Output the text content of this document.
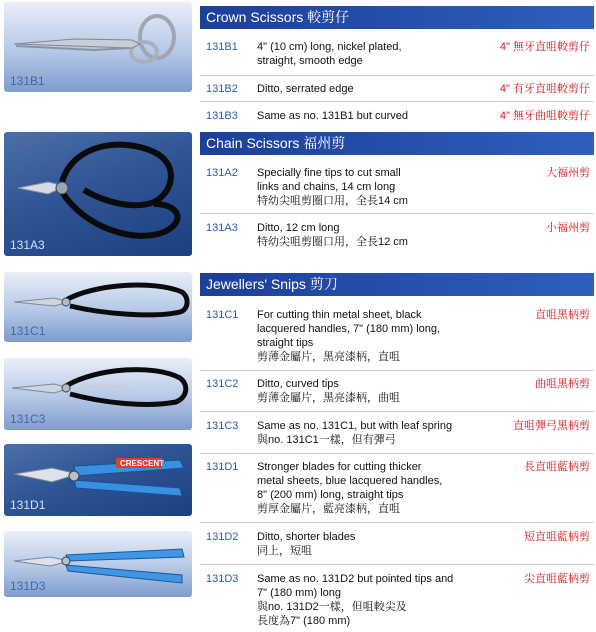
131B1
131A3
131C1
131C3
CRESCENT
131D1
131D3
Crown Scissors 較剪仔
131B1 4" (10 cm) long, nickel plated,
straight, smooth edge
4" 無牙直咀較剪仔
131B2 Ditto, serrated edge	4" 有牙直咀較剪仔
131B3 Same as no. 131B1 but curved	4" 無牙曲咀較剪仔
Chain Scissors 福州剪
131A2 Specially fine tips to cut small
links and chains, 14 cm long
特幼尖咀剪圈口用，全長14 cm
大福州剪
131A3 Ditto, 12 cm long
特幼尖咀剪圈口用，全長12 cm
小福州剪
Jewellers' Snips 剪刀
131C1 For cutting thin metal sheet, black
lacquered handles, 7" (180 mm) long,
straight tips
剪薄金屬片，黑亮漆柄，直咀
直咀黑柄剪
131C2 Ditto, curved tips
剪薄金屬片，黑亮漆柄，曲咀
曲咀黑柄剪
131C3 Same as no. 131C1, but with leaf spring
與no. 131C1一樣，但有彈弓
直咀彈弓黑柄剪
131D1 Stronger blades for cutting thicker
metal sheets, blue lacquered handles,
8" (200 mm) long, straight tips
剪厚金屬片，藍亮漆柄，直咀
長直咀藍柄剪
131D2 Ditto, shorter blades
同上，短咀
短直咀藍柄剪
131D3 Same as no. 131D2 but pointed tips and
7" (180 mm) long
與no. 131D2一樣，但咀較尖及
長度為7" (180 mm)
尖直咀藍柄剪
